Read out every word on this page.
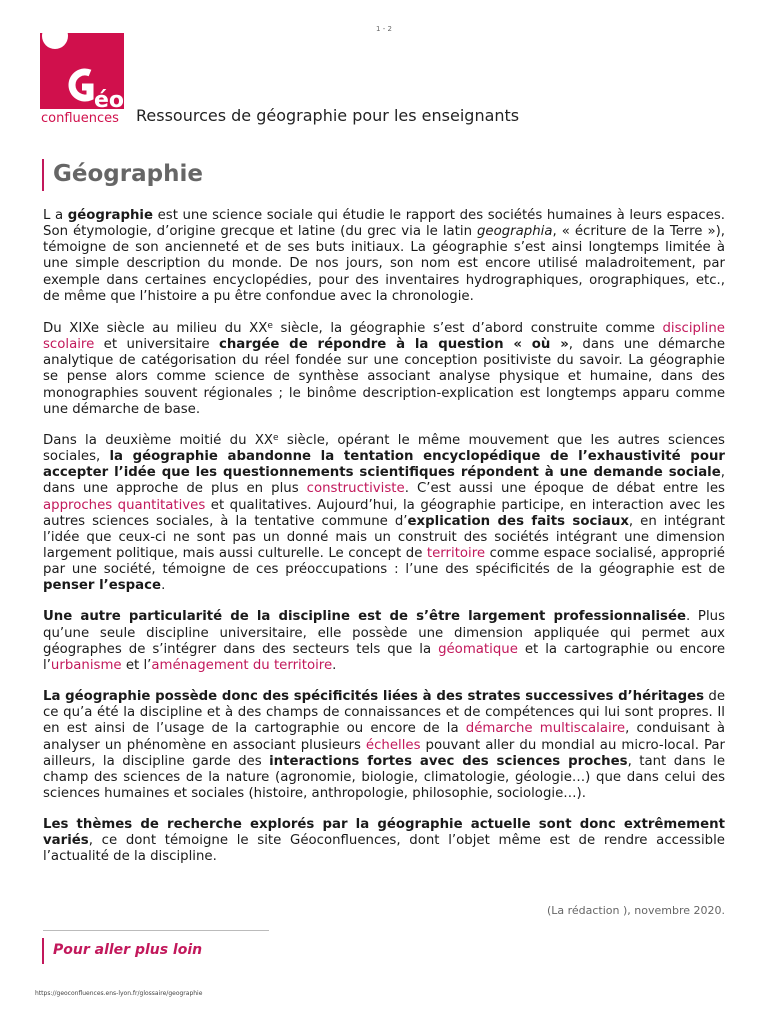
1 - 2
éo
confluences Ressources de géographie pour les enseignants
Géographie

L a géographie est une science sociale qui étudie le rapport des sociétés humaines à leurs espaces. Son étymologie, d’origine grecque et latine (du grec via le latin geographia, « écriture de la Terre »), témoigne de son ancienneté et de ses buts initiaux. La géographie s’est ainsi longtemps limitée à une simple description du monde. De nos jours, son nom est encore utilisé maladroitement, par exemple dans certaines encyclopédies, pour des inventaires hydrographiques, orographiques, etc., de même que l’histoire a pu être confondue avec la chronologie.

Du XIXe siècle au milieu du XXe siècle, la géographie s’est d’abord construite comme discipline scolaire et universitaire chargée de répondre à la question « où », dans une démarche analytique de catégorisation du réel fondée sur une conception positiviste du savoir. La géographie se pense alors comme science de synthèse associant analyse physique et humaine, dans des monographies souvent régionales ; le binôme description-explication est longtemps apparu comme une démarche de base.

Dans la deuxième moitié du XXe siècle, opérant le même mouvement que les autres sciences sociales, la géographie abandonne la tentation encyclopédique de l’exhaustivité pour accepter l’idée que les questionnements scientifiques répondent à une demande sociale, dans une approche de plus en plus constructiviste. C’est aussi une époque de débat entre les approches quantitatives et qualitatives. Aujourd’hui, la géographie participe, en interaction avec les autres sciences sociales, à la tentative commune d’explication des faits sociaux, en intégrant l’idée que ceux-ci ne sont pas un donné mais un construit des sociétés intégrant une dimension largement politique, mais aussi culturelle. Le concept de territoire comme espace socialisé, approprié par une société, témoigne de ces préoccupations : l’une des spécificités de la géographie est de penser l’espace.

Une autre particularité de la discipline est de s’être largement professionnalisée. Plus qu’une seule discipline universitaire, elle possède une dimension appliquée qui permet aux géographes de s’intégrer dans des secteurs tels que la géomatique et la cartographie ou encore l’urbanisme et l’aménagement du territoire.

La géographie possède donc des spécificités liées à des strates successives d’héritages de ce qu’a été la discipline et à des champs de connaissances et de compétences qui lui sont propres. Il en est ainsi de l’usage de la cartographie ou encore de la démarche multiscalaire, conduisant à analyser un phénomène en associant plusieurs échelles pouvant aller du mondial au micro-local. Par ailleurs, la discipline garde des interactions fortes avec des sciences proches, tant dans le champ des sciences de la nature (agronomie, biologie, climatologie, géologie…) que dans celui des sciences humaines et sociales (histoire, anthropologie, philosophie, sociologie…).

Les thèmes de recherche explorés par la géographie actuelle sont donc extrêmement variés, ce dont témoigne le site Géoconfluences, dont l’objet même est de rendre accessible l’actualité de la discipline.

(La rédaction ), novembre 2020.
Pour aller plus loin
https://geoconfluences.ens-lyon.fr/glossaire/geographie
